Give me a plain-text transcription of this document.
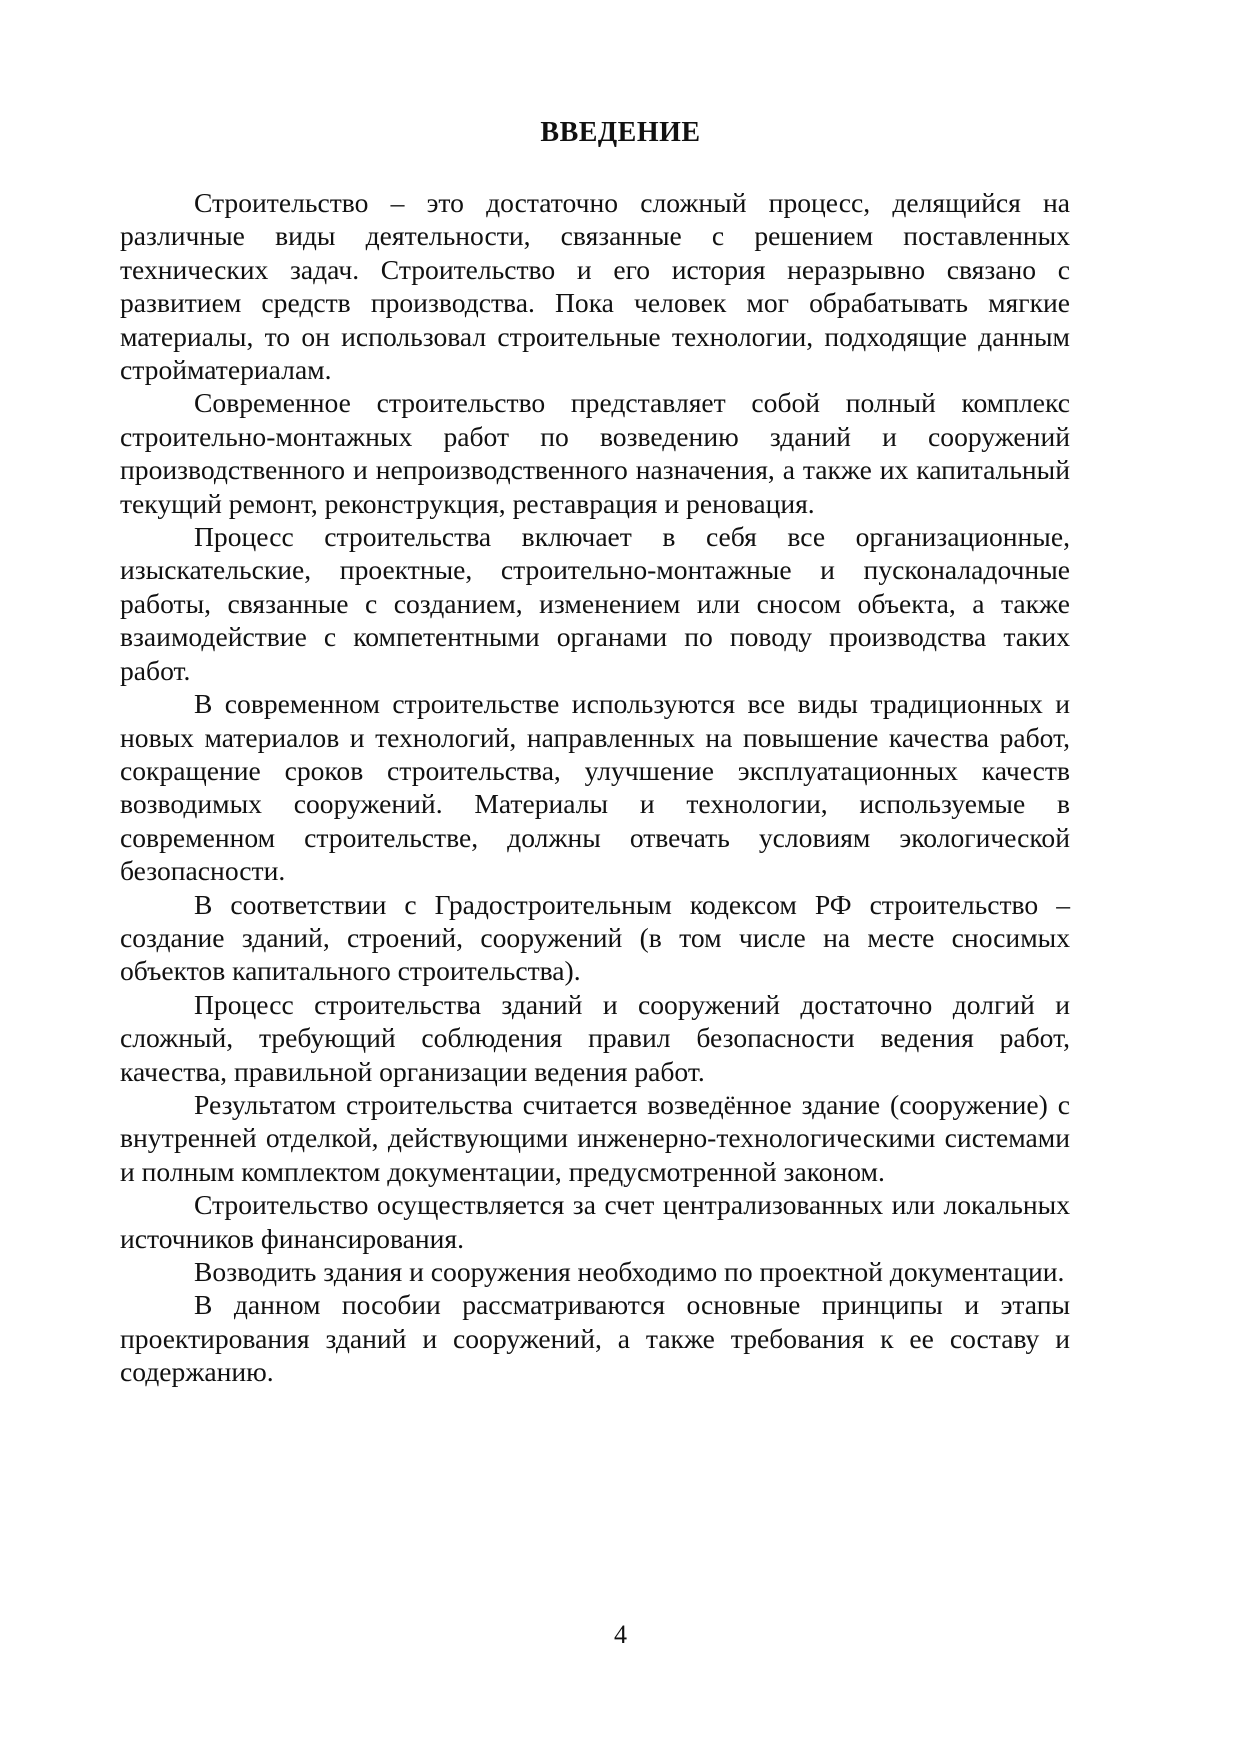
ВВЕДЕНИЕ

Строительство – это достаточно сложный процесс, делящийся на различные виды деятельности, связанные с решением поставленных технических задач. Строительство и его история неразрывно связано с развитием средств производства. Пока человек мог обрабатывать мягкие материалы, то он использовал строительные технологии, подходящие данным стройматериалам.

Современное строительство представляет собой полный комплекс строительно-монтажных работ по возведению зданий и сооружений производственного и непроизводственного назначения, а также их капитальный текущий ремонт, реконструкция, реставрация и реновация.

Процесс строительства включает в себя все организационные, изыскательские, проектные, строительно-монтажные и пусконаладочные работы, связанные с созданием, изменением или сносом объекта, а также взаимодействие с компетентными органами по поводу производства таких работ.

В современном строительстве используются все виды традиционных и новых материалов и технологий, направленных на повышение качества работ, сокращение сроков строительства, улучшение эксплуатационных качеств возводимых сооружений. Материалы и технологии, используемые в современном строительстве, должны отвечать условиям экологической безопасности.

В соответствии с Градостроительным кодексом РФ строительство – создание зданий, строений, сооружений (в том числе на месте сносимых объектов капитального строительства).

Процесс строительства зданий и сооружений достаточно долгий и сложный, требующий соблюдения правил безопасности ведения работ, качества, правильной организации ведения работ.

Результатом строительства считается возведённое здание (сооружение) с внутренней отделкой, действующими инженерно-технологическими системами и полным комплектом документации, предусмотренной законом.

Строительство осуществляется за счет централизованных или локальных источников финансирования.

Возводить здания и сооружения необходимо по проектной документации.

В данном пособии рассматриваются основные принципы и этапы проектирования зданий и сооружений, а также требования к ее составу и содержанию.

4
